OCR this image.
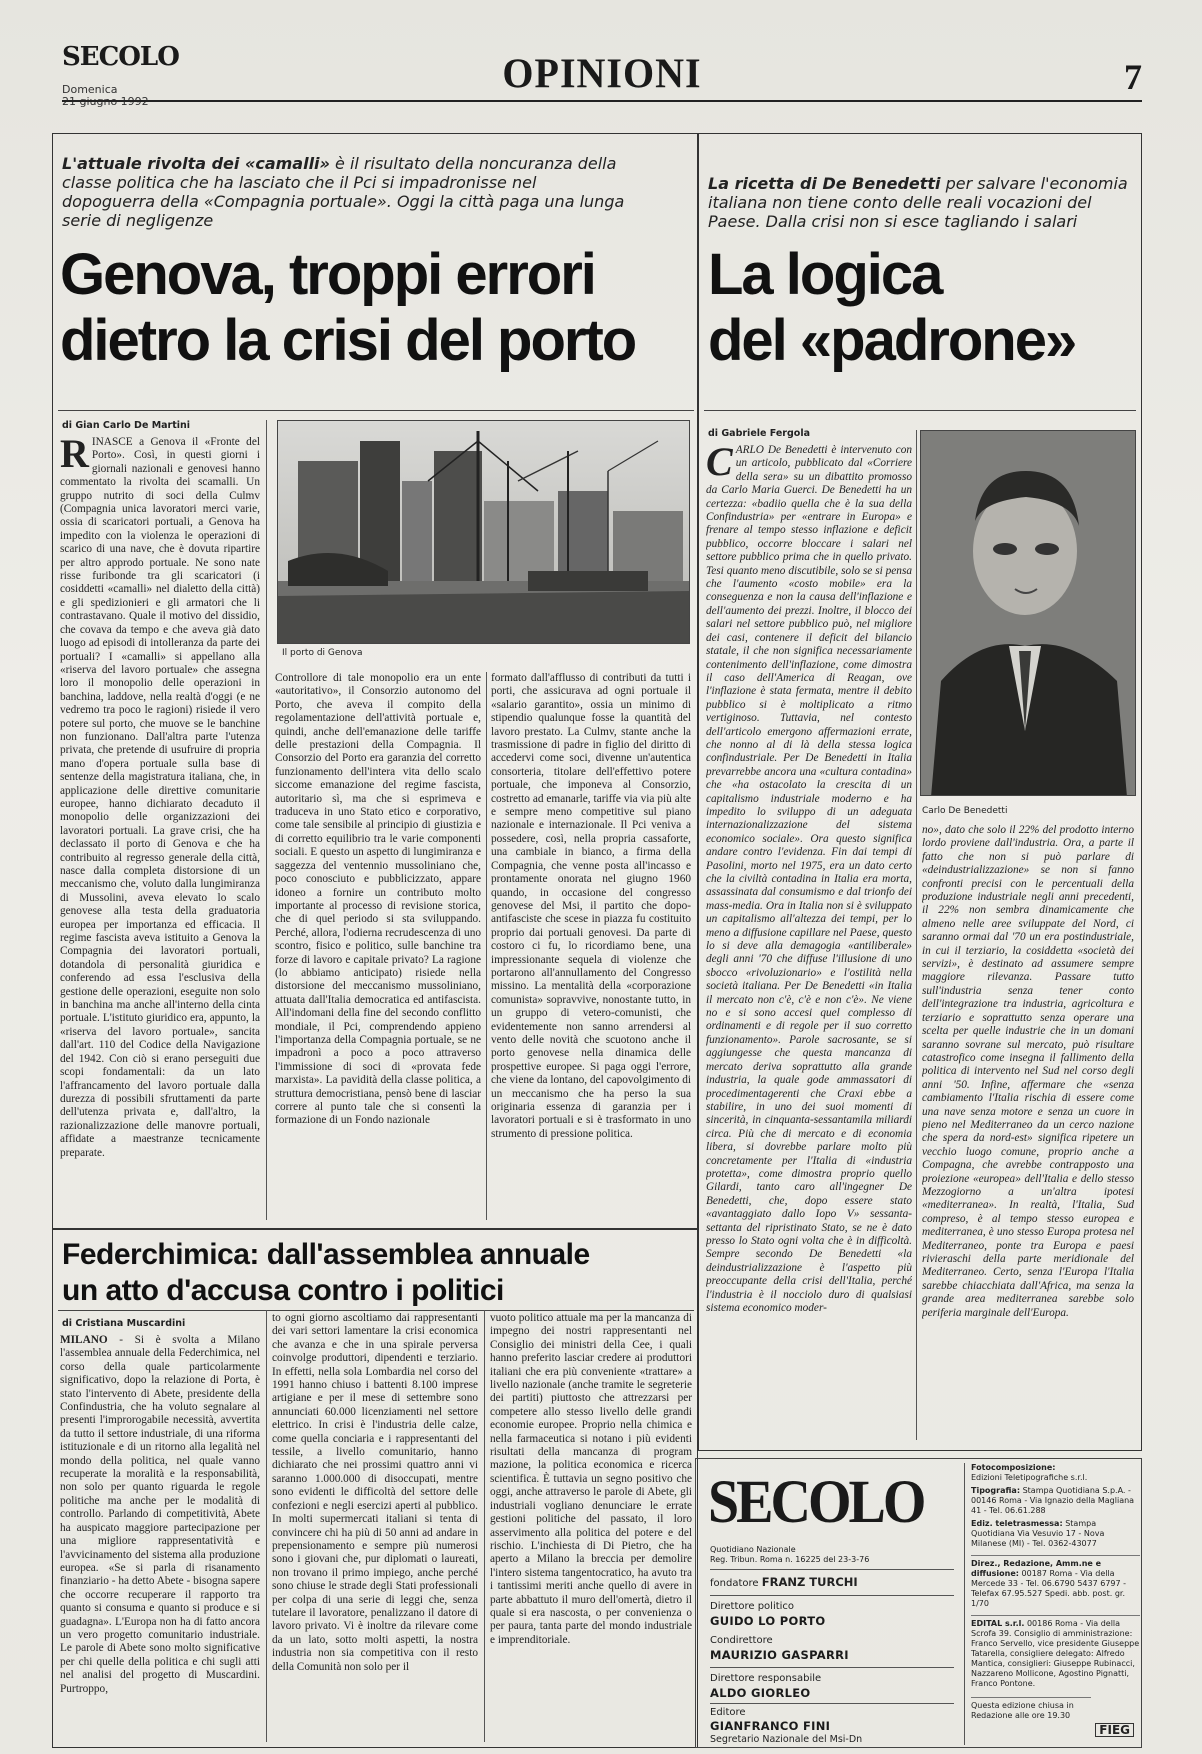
SECOLO
Domenica
21 giugno 1992
OPINIONI	7
L'attuale rivolta dei «camalli» è il risultato della noncuranza della classe politica che ha lasciato che il Pci si impadronisse nel dopoguerra della «Compagnia portuale». Oggi la città paga una lunga serie di negligenze
Genova, troppi errori
dietro la crisi del porto
di Gian Carlo De Martini
RINASCE a Genova il «Fronte del Porto». Così, in questi giorni i giornali nazionali e genovesi hanno commentato la rivolta dei scamalli. Un gruppo nutrito di soci della Culmv (Compagnia unica lavoratori merci varie, ossia di scaricatori portuali, a Genova ha impedito con la violenza le operazioni di scarico di una nave, che è dovuta ripartire per altro approdo portuale. Ne sono nate risse furibonde tra gli scaricatori (i cosiddetti «camalli» nel dialetto della città) e gli spedizionieri e gli armatori che li contrastavano. Quale il motivo del dissidio, che covava da tempo e che aveva già dato luogo ad episodi di intolleranza da parte dei portuali? I «camalli» si appellano alla «riserva del lavoro portuale» che assegna loro il monopolio delle operazioni in banchina, laddove, nella realtà d'oggi (e ne vedremo tra poco le ragioni) risiede il vero potere sul porto, che muove se le banchine non funzionano. Dall'altra parte l'utenza privata, che pretende di usufruire di propria mano d'opera portuale sulla base di sentenze della magistratura italiana, che, in applicazione delle direttive comunitarie europee, hanno dichiarato decaduto il monopolio delle organizzazioni dei lavoratori portuali. La grave crisi, che ha declassato il porto di Genova e che ha contribuito al regresso generale della città, nasce dalla completa distorsione di un meccanismo che, voluto dalla lungimiranza di Mussolini, aveva elevato lo scalo genovese alla testa della graduatoria europea per importanza ed efficacia. Il regime fascista aveva istituito a Genova la Compagnia dei lavoratori portuali, dotandola di personalità giuridica e conferendo ad essa l'esclusiva della gestione delle operazioni, eseguite non solo in banchina ma anche all'interno della cinta portuale. L'istituto giuridico era, appunto, la «riserva del lavoro portuale», sancita dall'art. 110 del Codice della Navigazione del 1942. Con ciò si erano perseguiti due scopi fondamentali: da un lato l'affrancamento del lavoro portuale dalla durezza di possibili sfruttamenti da parte dell'utenza privata e, dall'altro, la razionalizzazione delle manovre portuali, affidate a maestranze tecnicamente preparate.
Il porto di Genova
Controllore di tale monopolio era un ente «autoritativo», il Consorzio autonomo del Porto, che aveva il compito della regolamentazione dell'attività portuale e, quindi, anche dell'emanazione delle tariffe delle prestazioni della Compagnia. Il Consorzio del Porto era garanzia del corretto funzionamento dell'intera vita dello scalo siccome emanazione del regime fascista, autoritario sì, ma che si esprimeva e traduceva in uno Stato etico e corporativo, come tale sensibile al principio di giustizia e di corretto equilibrio tra le varie componenti sociali. E questo un aspetto di lungimiranza e saggezza del ventennio mussoliniano che, poco conosciuto e pubblicizzato, appare idoneo a fornire un contributo molto importante al processo di revisione storica, che di quel periodo si sta sviluppando. Perché, allora, l'odierna recrudescenza di uno scontro, fisico e politico, sulle banchine tra forze di lavoro e capitale privato? La ragione (lo abbiamo anticipato) risiede nella distorsione del meccanismo mussoliniano, attuata dall'Italia democratica ed antifascista. All'indomani della fine del secondo conflitto mondiale, il Pci, comprendendo appieno l'importanza della Compagnia portuale, se ne impadronì a poco a poco attraverso l'immissione di soci di «provata fede marxista». La pavidità della classe politica, a struttura democristiana, pensò bene di lasciar correre al punto tale che si consentì la formazione di un Fondo nazionale
formato dall'afflusso di contributi da tutti i porti, che assicurava ad ogni portuale il «salario garantito», ossia un minimo di stipendio qualunque fosse la quantità del lavoro prestato. La Culmv, stante anche la trasmissione di padre in figlio del diritto di accedervi come soci, divenne un'autentica consorteria, titolare dell'effettivo potere portuale, che imponeva al Consorzio, costretto ad emanarle, tariffe via via più alte e sempre meno competitive sul piano nazionale e internazionale. Il Pci veniva a possedere, così, nella propria cassaforte, una cambiale in bianco, a firma della Compagnia, che venne posta all'incasso e prontamente onorata nel giugno 1960 quando, in occasione del congresso genovese del Msi, il partito che dopo-antifasciste che scese in piazza fu costituito proprio dai portuali genovesi. Da parte di costoro ci fu, lo ricordiamo bene, una impressionante sequela di violenze che portarono all'annullamento del Congresso missino. La mentalità della «corporazione comunista» sopravvive, nonostante tutto, in un gruppo di vetero-comunisti, che evidentemente non sanno arrendersi al vento delle novità che scuotono anche il porto genovese nella dinamica delle prospettive europee. Si paga oggi l'errore, che viene da lontano, del capovolgimento di un meccanismo che ha perso la sua originaria essenza di garanzia per i lavoratori portuali e si è trasformato in uno strumento di pressione politica.
La ricetta di De Benedetti per salvare l'economia italiana non tiene conto delle reali vocazioni del Paese. Dalla crisi non si esce tagliando i salari
La logica
del «padrone»
di Gabriele Fergola
CARLO De Benedetti è intervenuto con un articolo, pubblicato dal «Corriere della sera» su un dibattito promosso da Carlo Maria Guerci. De Benedetti ha un certezza: «badiio quella che è la sua della Confindustria» per «entrare in Europa» e frenare al tempo stesso inflazione e deficit pubblico, occorre bloccare i salari nel settore pubblico prima che in quello privato. Tesi quanto meno discutibile, solo se si pensa che l'aumento «costo mobile» era la conseguenza e non la causa dell'inflazione e dell'aumento dei prezzi. Inoltre, il blocco dei salari nel settore pubblico può, nel migliore dei casi, contenere il deficit del bilancio statale, il che non significa necessariamente contenimento dell'inflazione, come dimostra il caso dell'America di Reagan, ove l'inflazione è stata fermata, mentre il debito pubblico si è moltiplicato a ritmo vertiginoso. Tuttavia, nel contesto dell'articolo emergono affermazioni errate, che nonno al di là della stessa logica confindustriale. Per De Benedetti in Italia prevarrebbe ancora una «cultura contadina» che «ha ostacolato la crescita di un capitalismo industriale moderno e ha impedito lo sviluppo di un adeguata internazionalizzazione del sistema economico sociale». Ora questo significa andare contro l'evidenza. Fin dai tempi di Pasolini, morto nel 1975, era un dato certo che la civiltà contadina in Italia era morta, assassinata dal consumismo e dal trionfo dei mass-media. Ora in Italia non si è sviluppato un capitalismo all'altezza dei tempi, per lo meno a diffusione capillare nel Paese, questo lo si deve alla demagogia «antiliberale» degli anni '70 che diffuse l'illusione di uno sbocco «rivoluzionario» e l'ostilità nella società italiana. Per De Benedetti «in Italia il mercato non c'è, c'è e non c'è». Ne viene no e si sono accesi quel complesso di ordinamenti e di regole per il suo corretto funzionamento». Parole sacrosante, se si aggiungesse che questa mancanza di mercato deriva soprattutto alla grande industria, la quale gode ammassatori di procedimentagerenti che Craxi ebbe a stabilire, in uno dei suoi momenti di sincerità, in cinquanta-sessantamila miliardi circa. Più che di mercato e di economia libera, si dovrebbe parlare molto più concretamente per l'Italia di «industria protetta», come dimostra proprio quello Gilardi, tanto caro all'ingegner De Benedetti, che, dopo essere stato «avantaggiato dallo Iopo V» sessanta-settanta del ripristinato Stato, se ne è dato presso lo Stato ogni volta che è in difficoltà. Sempre secondo De Benedetti «la deindustrializzazione è l'aspetto più preoccupante della crisi dell'Italia, perché l'industria è il nocciolo duro di qualsiasi sistema economico moder-
Carlo De Benedetti
no», dato che solo il 22% del prodotto interno lordo proviene dall'industria. Ora, a parte il fatto che non si può parlare di «deindustrializzazione» se non si fanno confronti precisi con le percentuali della produzione industriale negli anni precedenti, il 22% non sembra dinamicamente che almeno nelle aree sviluppate del Nord, ci saranno ormai dal '70 un era postindustriale, in cui il terziario, la cosiddetta «società dei servizi», è destinato ad assumere sempre maggiore rilevanza. Passare tutto sull'industria senza tener conto dell'integrazione tra industria, agricoltura e terziario e soprattutto senza operare una scelta per quelle industrie che in un domani saranno sovrane sul mercato, può risultare catastrofico come insegna il fallimento della politica di intervento nel Sud nel corso degli anni '50. Infine, affermare che «senza cambiamento l'Italia rischia di essere come una nave senza motore e senza un cuore in pieno nel Mediterraneo da un cerco nazione che spera da nord-est» significa ripetere un vecchio luogo comune, proprio anche a Compagna, che avrebbe contrapposto una proiezione «europea» dell'Italia e dello stesso Mezzogiorno a un'altra ipotesi «mediterranea». In realtà, l'Italia, Sud compreso, è al tempo stesso europea e mediterranea, è uno stesso Europa protesa nel Mediterraneo, ponte tra Europa e paesi rivieraschi della parte meridionale del Mediterraneo. Certo, senza l'Europa l'Italia sarebbe chiacchiata dall'Africa, ma senza la grande area mediterranea sarebbe solo periferia marginale dell'Europa.
Federchimica: dall'assemblea annuale
un atto d'accusa contro i politici
di Cristiana Muscardini
MILANO - Si è svolta a Milano l'assemblea annuale della Federchimica, nel corso della quale particolarmente significativo, dopo la relazione di Porta, è stato l'intervento di Abete, presidente della Confindustria, che ha voluto segnalare al presenti l'improrogabile necessità, avvertita da tutto il settore industriale, di una riforma istituzionale e di un ritorno alla legalità nel mondo della politica, nel quale vanno recuperate la moralità e la responsabilità, non solo per quanto riguarda le regole politiche ma anche per le modalità di controllo. Parlando di competitività, Abete ha auspicato maggiore partecipazione per una migliore rappresentatività e l'avvicinamento del sistema alla produzione europea. «Se si parla di risanamento finanziario - ha detto Abete - bisogna sapere che occorre recuperare il rapporto tra quanto si consuma e quanto si produce e si guadagna». L'Europa non ha di fatto ancora un vero progetto comunitario industriale. Le parole di Abete sono molto significative per chi quelle della politica e chi sugli atti nel analisi del progetto di Muscardini. Purtroppo,
to ogni giorno ascoltiamo dai rappresentanti dei vari settori lamentare la crisi economica che avanza e che in una spirale perversa coinvolge produttori, dipendenti e terziario. In effetti, nella sola Lombardia nel corso del 1991 hanno chiuso i battenti 8.100 imprese artigiane e per il mese di settembre sono annunciati 60.000 licenziamenti nel settore elettrico. In crisi è l'industria delle calze, come quella conciaria e i rappresentanti del tessile, a livello comunitario, hanno dichiarato che nei prossimi quattro anni vi saranno 1.000.000 di disoccupati, mentre sono evidenti le difficoltà del settore delle confezioni e negli esercizi aperti al pubblico. In molti supermercati italiani si tenta di convincere chi ha più di 50 anni ad andare in prepensionamento e sempre più numerosi sono i giovani che, pur diplomati o laureati, non trovano il primo impiego, anche perché sono chiuse le strade degli Stati professionali per colpa di una serie di leggi che, senza tutelare il lavoratore, penalizzano il datore di lavoro privato. Vi è inoltre da rilevare come da un lato, sotto molti aspetti, la nostra industria non sia competitiva con il resto della Comunità non solo per il
vuoto politico attuale ma per la mancanza di impegno dei nostri rappresentanti nel Consiglio dei ministri della Cee, i quali hanno preferito lasciar credere ai produttori italiani che era più conveniente «trattare» a livello nazionale (anche tramite le segreterie dei partiti) piuttosto che attrezzarsi per competere allo stesso livello delle grandi economie europee. Proprio nella chimica e nella farmaceutica si notano i più evidenti risultati della mancanza di program mazione, la politica economica e ricerca scientifica. È tuttavia un segno positivo che oggi, anche attraverso le parole di Abete, gli industriali vogliano denunciare le errate gestioni politiche del passato, il loro asservimento alla politica del potere e del rischio. L'inchiesta di Di Pietro, che ha aperto a Milano la breccia per demolire l'intero sistema tangentocratico, ha avuto tra i tantissimi meriti anche quello di avere in parte abbattuto il muro dell'omertà, dietro il quale si era nascosta, o per convenienza o per paura, tanta parte del mondo industriale e imprenditoriale.
SECOLO
Quotidiano Nazionale
Reg. Tribun. Roma n. 16225 del 23-3-76
fondatore FRANZ TURCHI
Direttore politico
GUIDO LO PORTO
Condirettore
MAURIZIO GASPARRI
Direttore responsabile
ALDO GIORLEO
Editore
GIANFRANCO FINI
Segretario Nazionale del Msi-Dn
Fotocomposizione:
Edizioni Teletipografiche s.r.l.
Tipografia: Stampa Quotidiana S.p.A. - 00146 Roma - Via Ignazio della Magliana 41 - Tel. 06.61.288
Ediz. teletrasmessa: Stampa Quotidiana Via Vesuvio 17 - Nova Milanese (MI) - Tel. 0362-43077
Direz., Redazione, Amm.ne e diffusione: 00187 Roma - Via della Mercede 33 - Tel. 06.6790 5437 6797 - Telefax 67.95.527 Spedi. abb. post. gr. 1/70
EDITAL s.r.l. 00186 Roma - Via della Scrofa 39. Consiglio di amministrazione: Franco Servello, vice presidente Giuseppe Tatarella, consigliere delegato: Alfredo Mantica, consiglieri: Giuseppe Rubinacci, Nazzareno Mollicone, Agostino Pignatti, Franco Pontone.
Questa edizione chiusa in Redazione alle ore 19.30
FIEG
